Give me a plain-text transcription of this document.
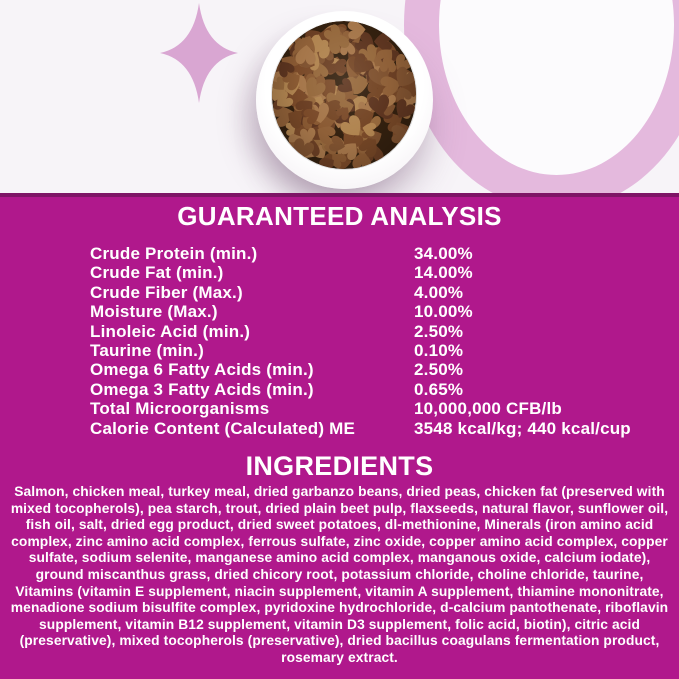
GUARANTEED ANALYSIS
Crude Protein (min.)	34.00%
Crude Fat (min.)	14.00%
Crude Fiber (Max.)	4.00%
Moisture (Max.)	10.00%
Linoleic Acid (min.)	2.50%
Taurine (min.)	0.10%
Omega 6 Fatty Acids (min.)	2.50%
Omega 3 Fatty Acids (min.)	0.65%
Total Microorganisms	10,000,000 CFB/lb
Calorie Content (Calculated) ME	3548 kcal/kg; 440 kcal/cup
INGREDIENTS

Salmon, chicken meal, turkey meal, dried garbanzo beans, dried peas, chicken fat (preserved with mixed tocopherols), pea starch, trout, dried plain beet pulp, flaxseeds, natural flavor, sunflower oil, fish oil, salt, dried egg product, dried sweet potatoes, dl-methionine, Minerals (iron amino acid complex, zinc amino acid complex, ferrous sulfate, zinc oxide, copper amino acid complex, copper sulfate, sodium selenite, manganese amino acid complex, manganous oxide, calcium iodate), ground miscanthus grass, dried chicory root, potassium chloride, choline chloride, taurine, Vitamins (vitamin E supplement, niacin supplement, vitamin A supplement, thiamine mononitrate, menadione sodium bisulfite complex, pyridoxine hydrochloride, d-calcium pantothenate, riboflavin supplement, vitamin B12 supplement, vitamin D3 supplement, folic acid, biotin), citric acid (preservative), mixed tocopherols (preservative), dried bacillus coagulans fermentation product, rosemary extract.
